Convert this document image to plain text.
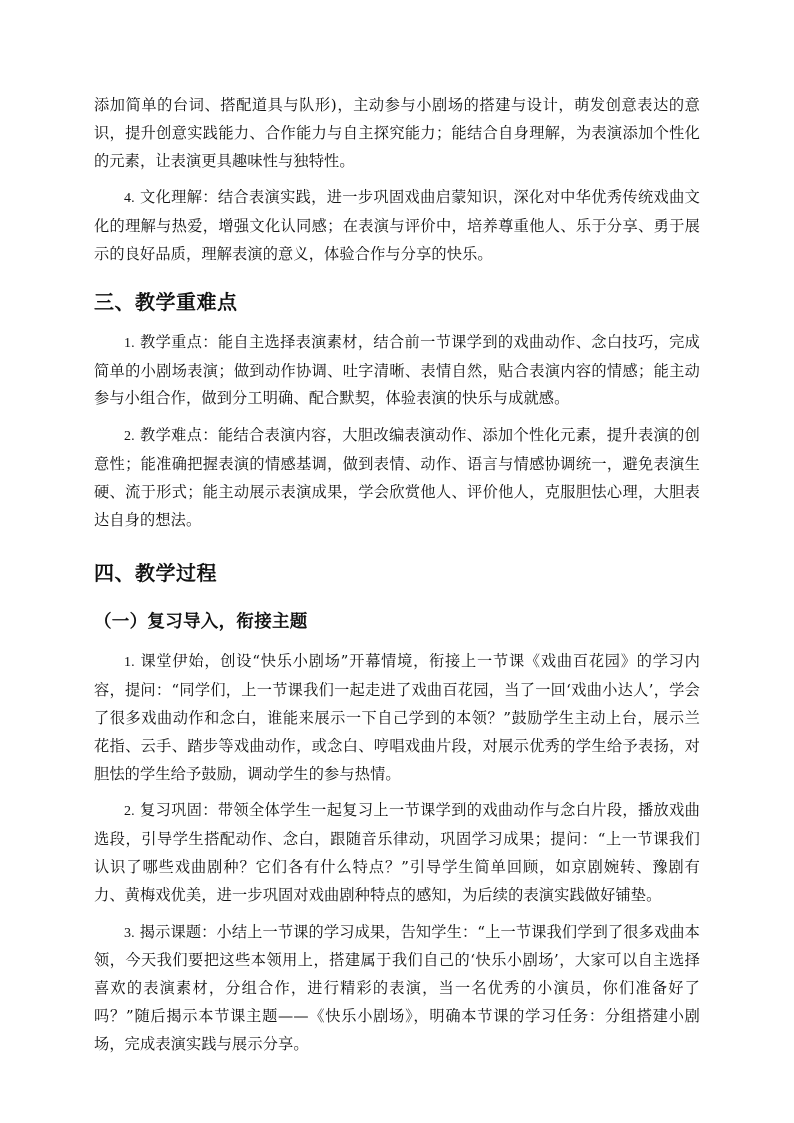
添加简单的台词、搭配道具与队形)，主动参与小剧场的搭建与设计，萌发创意表达的意识，提升创意实践能力、合作能力与自主探究能力；能结合自身理解，为表演添加个性化的元素，让表演更具趣味性与独特性。

4. 文化理解：结合表演实践，进一步巩固戏曲启蒙知识，深化对中华优秀传统戏曲文化的理解与热爱，增强文化认同感；在表演与评价中，培养尊重他人、乐于分享、勇于展示的良好品质，理解表演的意义，体验合作与分享的快乐。

三、教学重难点

1. 教学重点：能自主选择表演素材，结合前一节课学到的戏曲动作、念白技巧，完成简单的小剧场表演；做到动作协调、吐字清晰、表情自然，贴合表演内容的情感；能主动参与小组合作，做到分工明确、配合默契，体验表演的快乐与成就感。

2. 教学难点：能结合表演内容，大胆改编表演动作、添加个性化元素，提升表演的创意性；能准确把握表演的情感基调，做到表情、动作、语言与情感协调统一，避免表演生硬、流于形式；能主动展示表演成果，学会欣赏他人、评价他人，克服胆怯心理，大胆表达自身的想法。

四、教学过程
（一）复习导入，衔接主题

1. 课堂伊始，创设“快乐小剧场”开幕情境，衔接上一节课《戏曲百花园》的学习内容，提问：“同学们，上一节课我们一起走进了戏曲百花园，当了一回‘戏曲小达人’，学会了很多戏曲动作和念白，谁能来展示一下自己学到的本领？”鼓励学生主动上台，展示兰花指、云手、踏步等戏曲动作，或念白、哼唱戏曲片段，对展示优秀的学生给予表扬，对胆怯的学生给予鼓励，调动学生的参与热情。

2. 复习巩固：带领全体学生一起复习上一节课学到的戏曲动作与念白片段，播放戏曲选段，引导学生搭配动作、念白，跟随音乐律动，巩固学习成果；提问：“上一节课我们认识了哪些戏曲剧种？它们各有什么特点？”引导学生简单回顾，如京剧婉转、豫剧有力、黄梅戏优美，进一步巩固对戏曲剧种特点的感知，为后续的表演实践做好铺垫。

3. 揭示课题：小结上一节课的学习成果，告知学生：“上一节课我们学到了很多戏曲本领，今天我们要把这些本领用上，搭建属于我们自己的‘快乐小剧场’，大家可以自主选择喜欢的表演素材，分组合作，进行精彩的表演，当一名优秀的小演员，你们准备好了吗？”随后揭示本节课主题——《快乐小剧场》，明确本节课的学习任务：分组搭建小剧场，完成表演实践与展示分享。
